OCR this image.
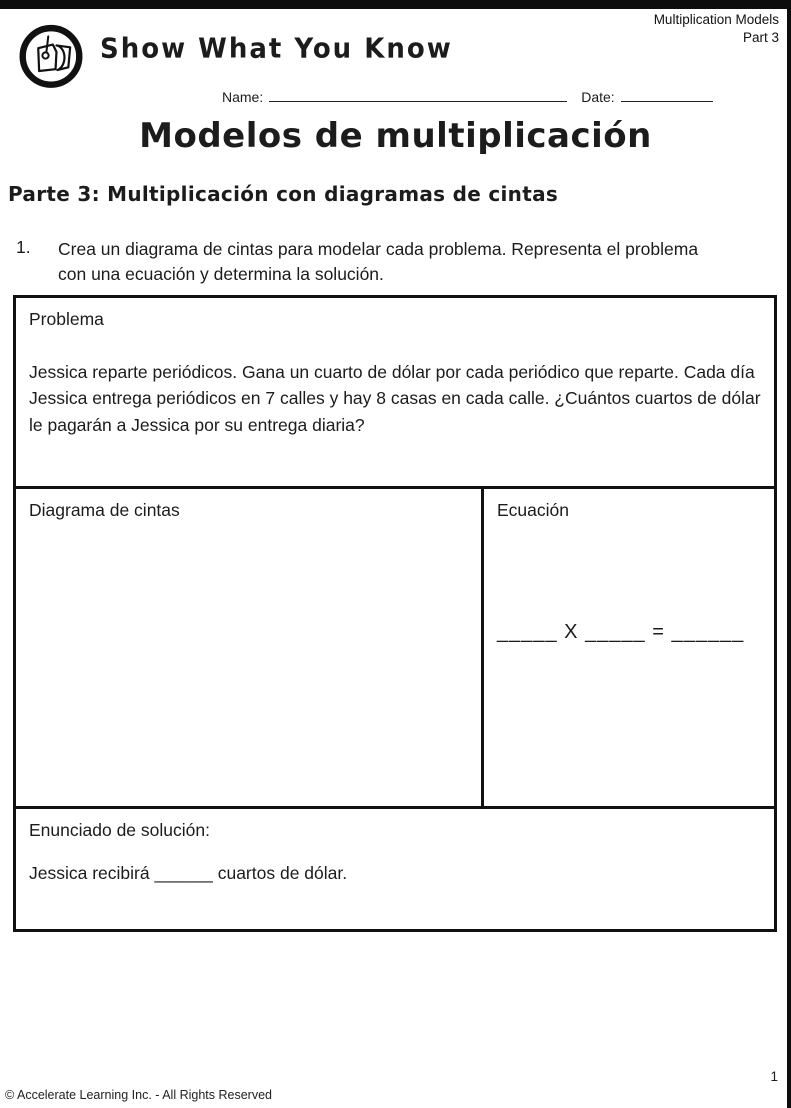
Show What You Know
Multiplication Models
Part 3
Name:	Date:
Modelos de multiplicación
Parte 3: Multiplicación con diagramas de cintas
1.	Crea un diagrama de cintas para modelar cada problema. Representa el problema con una ecuación y determina la solución.
Problema
Jessica reparte periódicos. Gana un cuarto de dólar por cada periódico que reparte. Cada día Jessica entrega periódicos en 7 calles y hay 8 casas en cada calle. ¿Cuántos cuartos de dólar le pagarán a Jessica por su entrega diaria?
Diagrama de cintas	Ecuación
_____ X _____ = ______
Enunciado de solución:
Jessica recibirá ______ cuartos de dólar.
© Accelerate Learning Inc. - All Rights Reserved
1
